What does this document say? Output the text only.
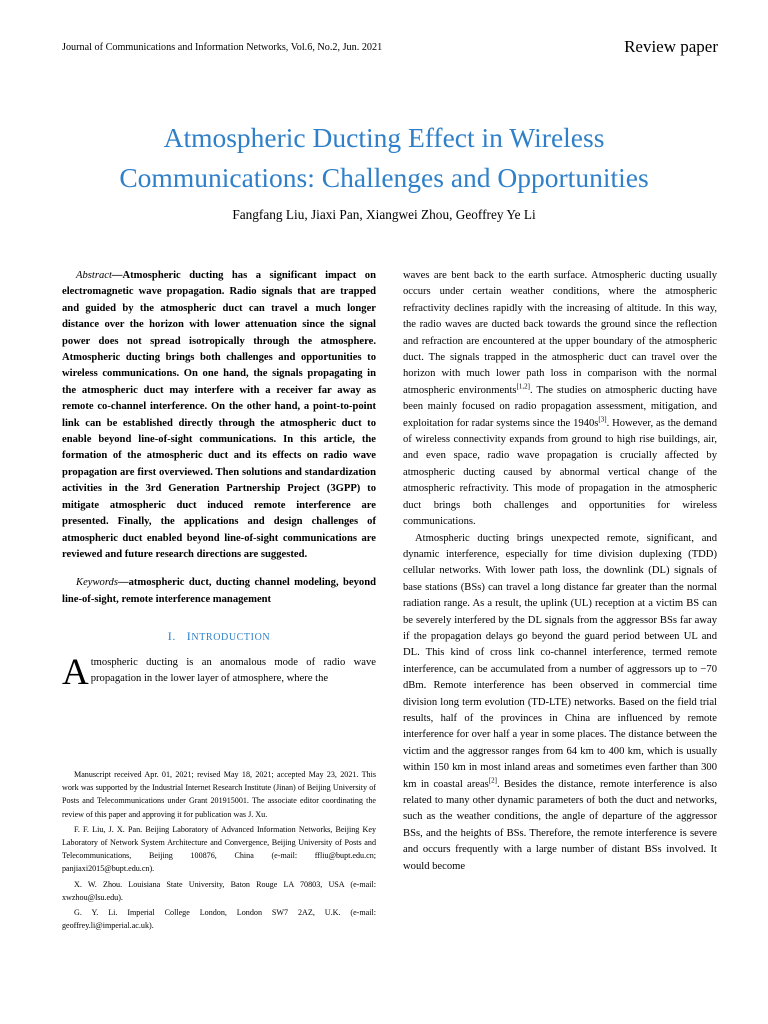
Journal of Communications and Information Networks, Vol.6, No.2, Jun. 2021	Review paper
Atmospheric Ducting Effect in Wireless
Communications: Challenges and Opportunities
Fangfang Liu, Jiaxi Pan, Xiangwei Zhou, Geoffrey Ye Li

Abstract—Atmospheric ducting has a significant impact on electromagnetic wave propagation. Radio signals that are trapped and guided by the atmospheric duct can travel a much longer distance over the horizon with lower attenuation since the signal power does not spread isotropically through the atmosphere. Atmospheric ducting brings both challenges and opportunities to wireless communications. On one hand, the signals propagating in the atmospheric duct may interfere with a receiver far away as remote co-channel interference. On the other hand, a point-to-point link can be established directly through the atmospheric duct to enable beyond line-of-sight communications. In this article, the formation of the atmospheric duct and its effects on radio wave propagation are first overviewed. Then solutions and standardization activities in the 3rd Generation Partnership Project (3GPP) to mitigate atmospheric duct induced remote interference are presented. Finally, the applications and design challenges of atmospheric duct enabled beyond line-of-sight communications are reviewed and future research directions are suggested.

Keywords—atmospheric duct, ducting channel modeling, beyond line-of-sight, remote interference management

I. INTRODUCTION

Atmospheric ducting is an anomalous mode of radio wave propagation in the lower layer of atmosphere, where the

Manuscript received Apr. 01, 2021; revised May 18, 2021; accepted May 23, 2021. This work was supported by the Industrial Internet Research Institute (Jinan) of Beijing University of Posts and Telecommunications under Grant 201915001. The associate editor coordinating the review of this paper and approving it for publication was J. Xu.

F. F. Liu, J. X. Pan. Beijing Laboratory of Advanced Information Networks, Beijing Key Laboratory of Network System Architecture and Convergence, Beijing University of Posts and Telecommunications, Beijing 100876, China (e-mail: ffliu@bupt.edu.cn; panjiaxi2015@bupt.edu.cn).

X. W. Zhou. Louisiana State University, Baton Rouge LA 70803, USA (e-mail: xwzhou@lsu.edu).

G. Y. Li. Imperial College London, London SW7 2AZ, U.K. (e-mail: geoffrey.li@imperial.ac.uk).

waves are bent back to the earth surface. Atmospheric ducting usually occurs under certain weather conditions, where the atmospheric refractivity declines rapidly with the increasing of altitude. In this way, the radio waves are ducted back towards the ground since the reflection and refraction are encountered at the upper boundary of the atmospheric duct. The signals trapped in the atmospheric duct can travel over the horizon with much lower path loss in comparison with the normal atmospheric environments[1,2]. The studies on atmospheric ducting have been mainly focused on radio propagation assessment, mitigation, and exploitation for radar systems since the 1940s[3]. However, as the demand of wireless connectivity expands from ground to high rise buildings, air, and even space, radio wave propagation is crucially affected by atmospheric ducting caused by abnormal vertical change of the atmospheric refractivity. This mode of propagation in the atmospheric duct brings both challenges and opportunities for wireless communications.

Atmospheric ducting brings unexpected remote, significant, and dynamic interference, especially for time division duplexing (TDD) cellular networks. With lower path loss, the downlink (DL) signals of base stations (BSs) can travel a long distance far greater than the normal radiation range. As a result, the uplink (UL) reception at a victim BS can be severely interfered by the DL signals from the aggressor BSs far away if the propagation delays go beyond the guard period between UL and DL. This kind of cross link co-channel interference, termed remote interference, can be accumulated from a number of aggressors up to −70 dBm. Remote interference has been observed in commercial time division long term evolution (TD-LTE) networks. Based on the field trial results, half of the provinces in China are influenced by remote interference for over half a year in some places. The distance between the victim and the aggressor ranges from 64 km to 400 km, which is usually within 150 km in most inland areas and sometimes even farther than 300 km in coastal areas[2]. Besides the distance, remote interference is also related to many other dynamic parameters of both the duct and networks, such as the weather conditions, the angle of departure of the aggressor BSs, and the heights of BSs. Therefore, the remote interference is severe and occurs frequently with a large number of distant BSs involved. It would become
